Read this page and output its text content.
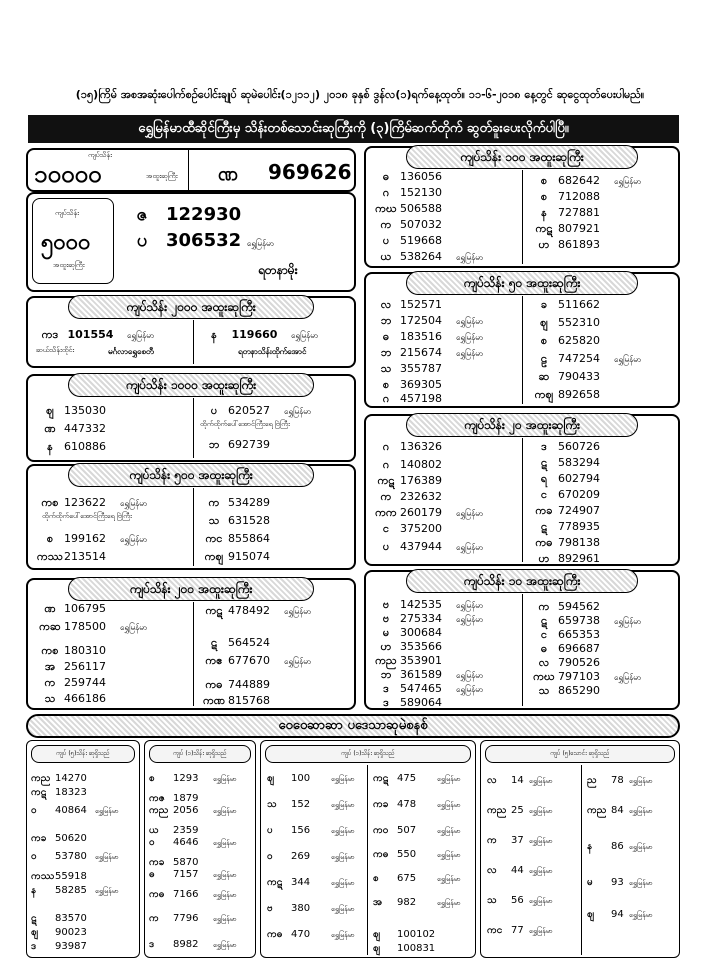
(၁၅)ကြိမ် အစအဆုံးပေါက်စဉ်ပေါင်းချုပ် ဆုမဲပေါင်း(၁၂၁၁၂) ၂၀၁၈ ခုနှစ် ဒွန်လ(၁)ရက်နေ့ထုတ်။ ၁၁-၆-၂၀၁၈ နေ့တွင် ဆုငွေထုတ်ပေးပါမည်။
ရွှေမြန်မာထီဆိုင်ကြီးမှ သိန်းတစ်သောင်းဆုကြီးကို (၃)ကြိမ်ဆက်တိုက် ဆွတ်ခူးပေးလိုက်ပါပြီ။
ကျပ်သိန်း
၁၀၀၀၀	အထူးဆုကြီး ဏ 969626
ကျပ်သိန်း
၅၀၀၀
အထူးဆုကြီး
ဇ 122930
ပ 306532 ရွှေမြန်မာ
ရတနာမိုး
ကျပ်သိန်း ၂၀၀၀ အထူးဆုကြီး
ကဒ 101554 ရွှေမြန်မာ
ဆယ်သိန်းထိုင်း	မင်္ဂလာရွှေစေတီ
န 119660 ရွှေမြန်မာ
ရတနာသိန်းထိုက်အောင်
ကျပ်သိန်း ၁၀၀၀ အထူးဆုကြီး
ဈ 135030
ဏ 447332
န 610886
ပ 620527 ရွှေမြန်မာ
ထိုက်ထိုက်ပေါ်အောင်ကြီးရေ ဗြဲကြီး
ဘ 692739
ကျပ်သိန်း ၅၀၀ အထူးဆုကြီး
ကစ 123622 ရွှေမြန်မာ
ထိုက်ထိုက်ပေါ်အောင်ကြီးရေ ဗြဲကြီး
စ 199162 ရွှေမြန်မာ
ကဿ213514
က 534289
သ 631528
ကင 855864
ကဈ 915074
ကျပ်သိန်း ၂၀၀ အထူးဆုကြီး
ဏ 106795
ကဆ 178500 ရွှေမြန်မာ
ကစ 180310
အ 256117
က 259744
သ 466186
ကဋ 478492 ရွှေမြန်မာ
ဋ 564524
ကဧ 677670 ရွှေမြန်မာ
ကဓ 744889
ကဏ 815768
ကျပ်သိန်း ၁၀၀ အထူးဆုကြီး
ဓ 136056
ဂ 152130
ကဃ 506588
က 507032
ပ 519668
ယ 538264 ရွှေမြန်မာ
စ 682642 ရွှေမြန်မာ
စ 712088
န 727881
ကဋ 807921
ဟ 861893
ကျပ်သိန်း ၅၀ အထူးဆုကြီး
လ 152571
ဘ 172504 ရွှေမြန်မာ
ဓ 183516 ရွှေမြန်မာ
ဘ 215674 ရွှေမြန်မာ
သ 355787
စ 369305
ဂ 457198
ခ 511662
ဈ 552310
စ 625820
ဠ 747254 ရွှေမြန်မာ
ဆ 790433
ကဈ 892658
ကျပ်သိန်း ၂၀ အထူးဆုကြီး
ဂ 136326
ဂ 140802
ကဋ 176389
က 232632
ကက 260179 ရွှေမြန်မာ
င 375200
ပ 437944 ရွှေမြန်မာ
ဒ 560726
ဋ 583294
ရ 602794
င 670209
ကခ 724907
ဋ 778935
ကဓ 798138
ဟ 892961
ကျပ်သိန်း ၁၀ အထူးဆုကြီး
ဗ 142535 ရွှေမြန်မာ
ဗ 275334 ရွှေမြန်မာ
မ 300684
ဟ 353566
ကည 353901
ဘ 361589 ရွှေမြန်မာ
ဒ 547465 ရွှေမြန်မာ
ဒ 589064
က 594562
ဋ 659738 ရွှေမြန်မာ
င 665353
ဓ 696687
လ 790526
ကဃ 797103 ရွှေမြန်မာ
သ 865290
ဝေဝေဆာဆာ ပဒေသာဆုမဲစနစ်
ကျပ် (၅)သိန်း ဆုရှိသည်
ကည 14270
ကဋ 18323
ဝ 40864 ရွှေမြန်မာ
ကခ 50620
ဝ 53780 ရွှေမြန်မာ
ကဿ55918
န 58285 ရွှေမြန်မာ
ဋ 83570
ဈ 90023
ဒ 93987
ကျပ် (၁)သိန်း ဆုရှိသည်
စ 1293 ရွှေမြန်မာ
ကဇ 1879
ကည 2056 ရွှေမြန်မာ
ယ 2359
ဝ 4646 ရွှေမြန်မာ
ကခ 5870
ဓ 7157 ရွှေမြန်မာ
ကဓ 7166 ရွှေမြန်မာ
က 7796 ရွှေမြန်မာ
ဒ 8982 ရွှေမြန်မာ
ကျပ် (၁)သိန်း ဆုရှိသည်
ဈ 100	ရွှေမြန်မာ
သ 152	ရွှေမြန်မာ
ပ 156	ရွှေမြန်မာ
ဝ 269	ရွှေမြန်မာ
ကဋ 344	ရွှေမြန်မာ
ဗ 380	ရွှေမြန်မာ
ကဓ 470	ရွှေမြန်မာ
ကဋ 475	ရွှေမြန်မာ
ကခ 478	ရွှေမြန်မာ
ကဝ 507	ရွှေမြန်မာ
ကဓ 550	ရွှေမြန်မာ
စ 675	ရွှေမြန်မာ
အ 982	ရွှေမြန်မာ
ဈ 100102
ဈ 100831
ကျပ် (၅)သောင်း ဆုရှိသည်
လ 14 ရွှေမြန်မာ
ကည 25 ရွှေမြန်မာ
က 37 ရွှေမြန်မာ
လ 44 ရွှေမြန်မာ
သ 56 ရွှေမြန်မာ
ကင 77 ရွှေမြန်မာ
ည 78 ရွှေမြန်မာ
ကည 84 ရွှေမြန်မာ
န 86 ရွှေမြန်မာ
မ 93 ရွှေမြန်မာ
ဈ 94 ရွှေမြန်မာ
